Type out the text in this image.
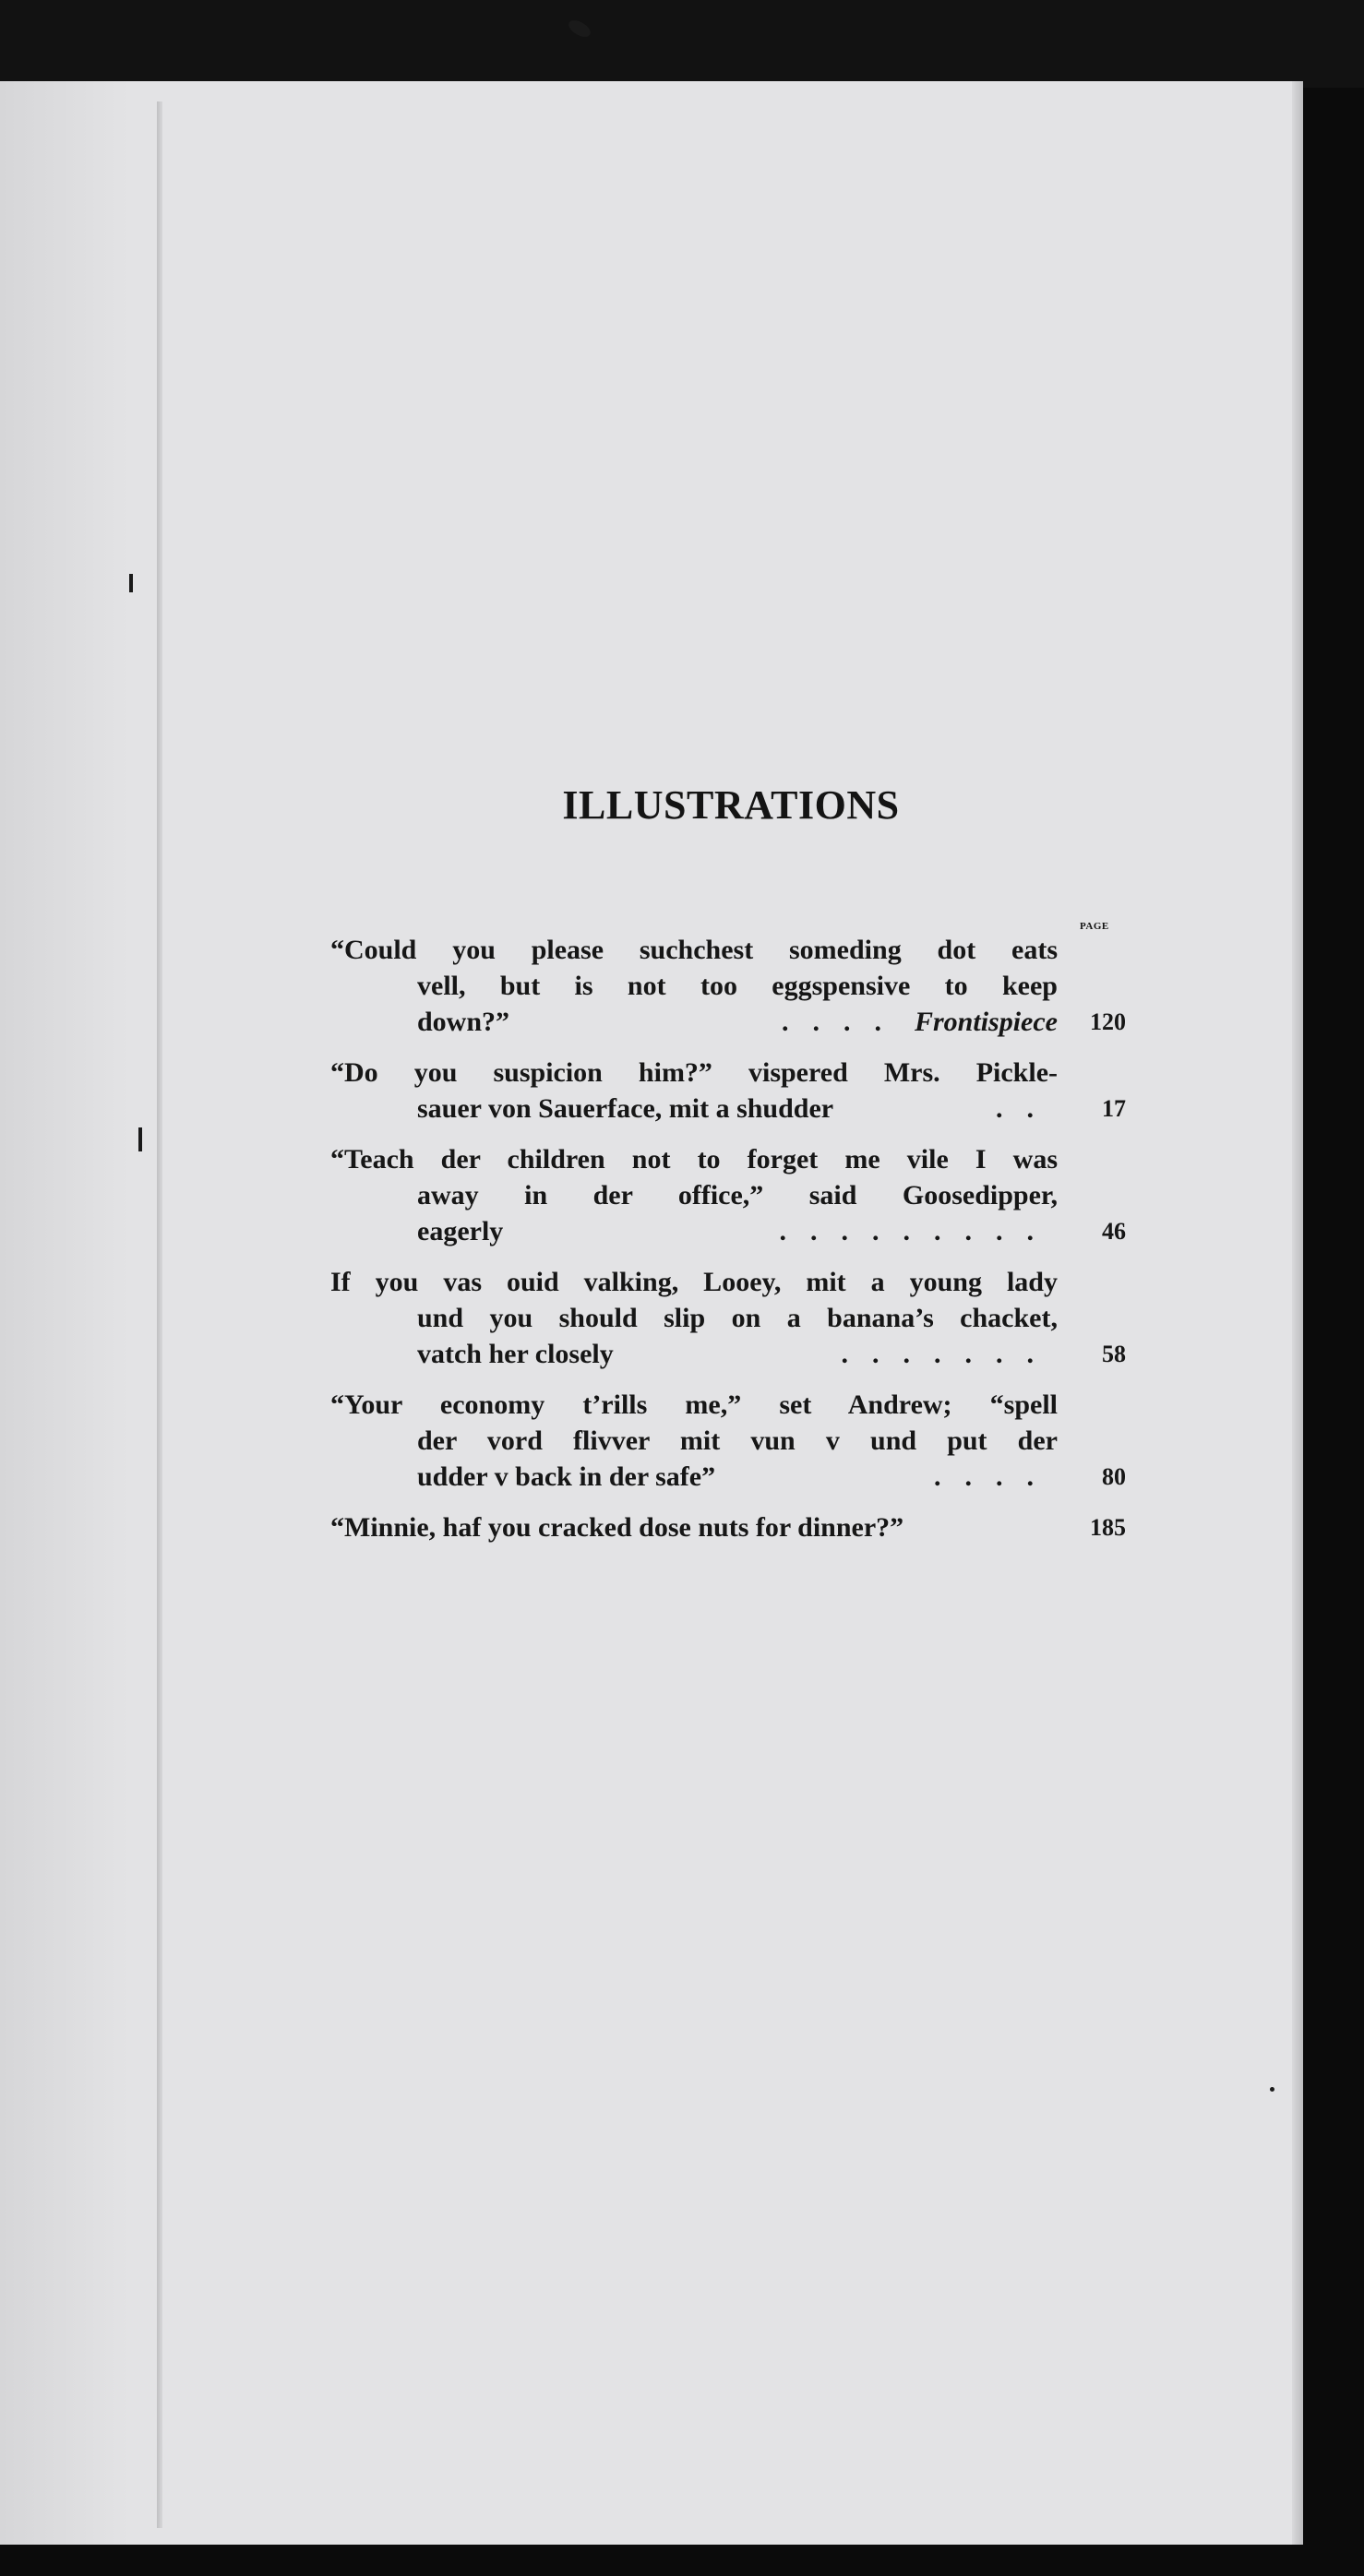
ILLUSTRATIONS
PAGE
“Could you please suchchest someding dot eats
vell, but is not too eggspensive to keep
down?”	.... Frontispiece	120
“Do you suspicion him?” vispered Mrs. Pickle-
sauer von Sauerface, mit a shudder	..	17
“Teach der children not to forget me vile I was
away in der office,” said Goosedipper,
eagerly	.........	46
If you vas ouid valking, Looey, mit a young lady
und you should slip on a banana’s chacket,
vatch her closely	.......	58
“Your economy t’rills me,” set Andrew; “spell
der vord flivver mit vun v und put der
udder v back in der safe”	....	80
“Minnie, haf you cracked dose nuts for dinner?”	185
